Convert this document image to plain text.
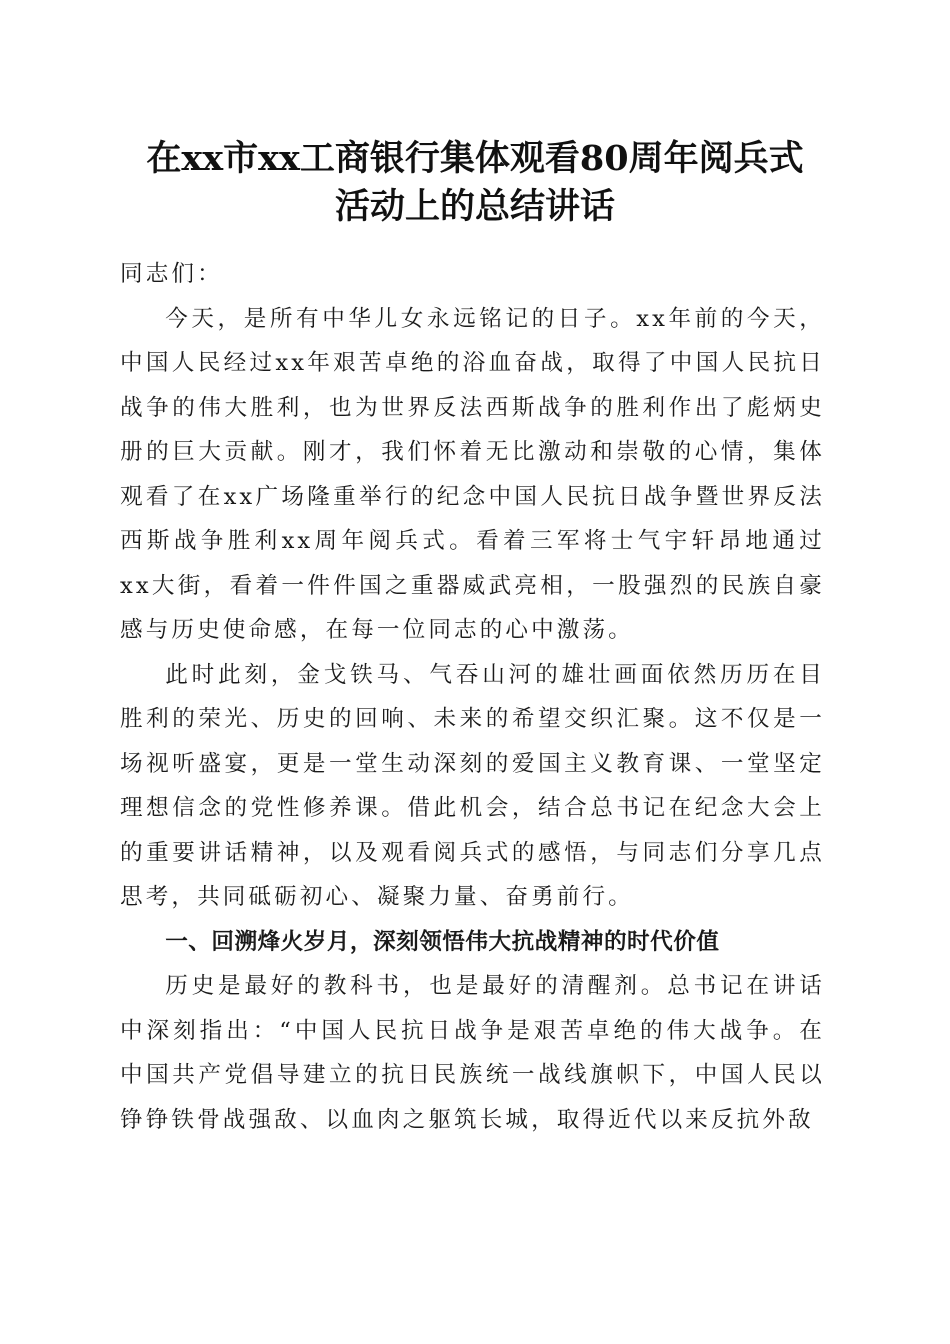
在xx市xx工商银行集体观看80周年阅兵式
活动上的总结讲话

同志们：

今天，是所有中华儿女永远铭记的日子。xx年前的今天，中国人民经过xx年艰苦卓绝的浴血奋战，取得了中国人民抗日战争的伟大胜利，也为世界反法西斯战争的胜利作出了彪炳史册的巨大贡献。刚才，我们怀着无比激动和崇敬的心情，集体观看了在xx广场隆重举行的纪念中国人民抗日战争暨世界反法西斯战争胜利xx周年阅兵式。看着三军将士气宇轩昂地通过xx大街，看着一件件国之重器威武亮相，一股强烈的民族自豪感与历史使命感，在每一位同志的心中激荡。

此时此刻，金戈铁马、气吞山河的雄壮画面依然历历在目胜利的荣光、历史的回响、未来的希望交织汇聚。这不仅是一场视听盛宴，更是一堂生动深刻的爱国主义教育课、一堂坚定理想信念的党性修养课。借此机会，结合总书记在纪念大会上的重要讲话精神，以及观看阅兵式的感悟，与同志们分享几点思考，共同砥砺初心、凝聚力量、奋勇前行。

一、回溯烽火岁月，深刻领悟伟大抗战精神的时代价值

历史是最好的教科书，也是最好的清醒剂。总书记在讲话中深刻指出：“中国人民抗日战争是艰苦卓绝的伟大战争。在中国共产党倡导建立的抗日民族统一战线旗帜下，中国人民以铮铮铁骨战强敌、以血肉之躯筑长城，取得近代以来反抗外敌
